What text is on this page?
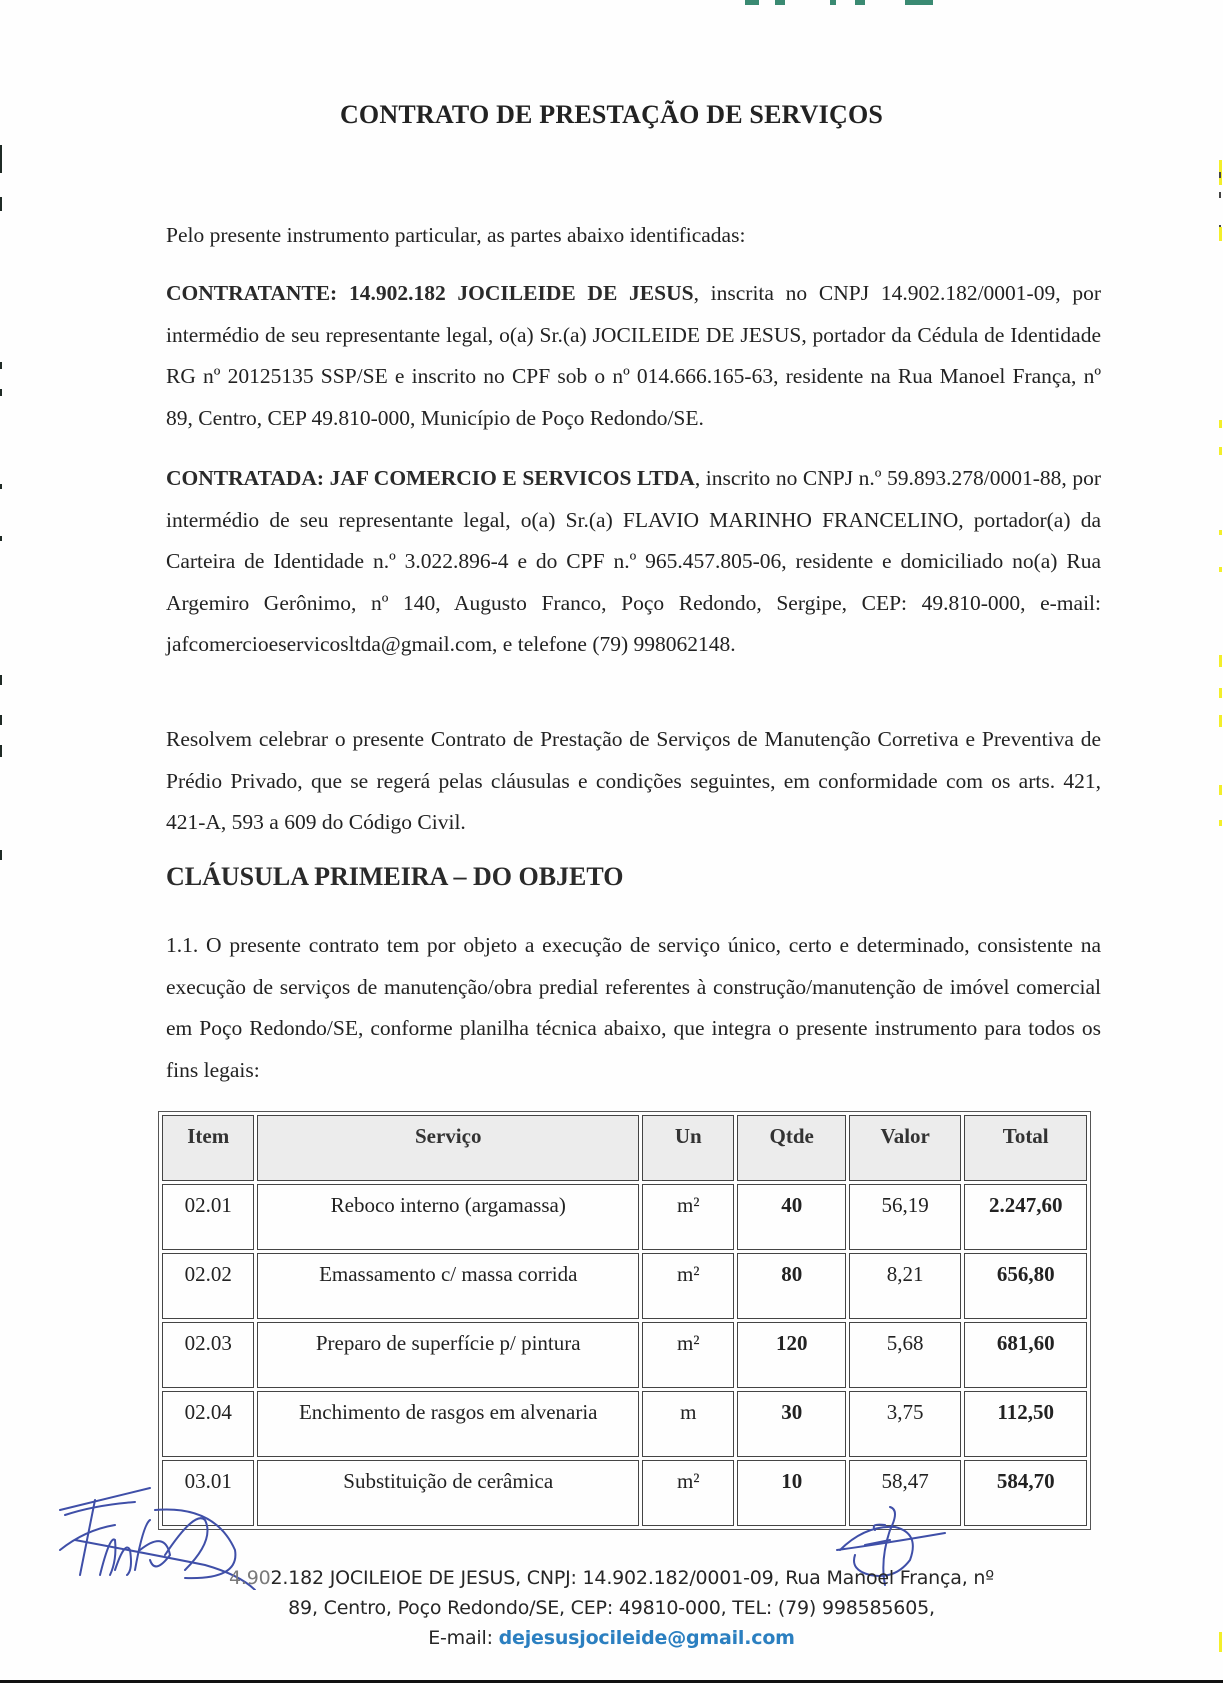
CONTRATO DE PRESTAÇÃO DE SERVIÇOS
Pelo presente instrumento particular, as partes abaixo identificadas:
CONTRATANTE: 14.902.182 JOCILEIDE DE JESUS, inscrita no CNPJ 14.902.182/0001-09, por intermédio de seu representante legal, o(a) Sr.(a) JOCILEIDE DE JESUS, portador da Cédula de Identidade RG nº 20125135 SSP/SE e inscrito no CPF sob o nº 014.666.165-63, residente na Rua Manoel França, nº 89, Centro, CEP 49.810-000, Município de Poço Redondo/SE.
CONTRATADA: JAF COMERCIO E SERVICOS LTDA, inscrito no CNPJ n.º 59.893.278/0001-88, por intermédio de seu representante legal, o(a) Sr.(a) FLAVIO MARINHO FRANCELINO, portador(a) da Carteira de Identidade n.º 3.022.896-4 e do CPF n.º 965.457.805-06, residente e domiciliado no(a) Rua Argemiro Gerônimo, nº 140, Augusto Franco, Poço Redondo, Sergipe, CEP: 49.810-000, e-mail: jafcomercioeservicosltda@gmail.com, e telefone (79) 998062148.
Resolvem celebrar o presente Contrato de Prestação de Serviços de Manutenção Corretiva e Preventiva de Prédio Privado, que se regerá pelas cláusulas e condições seguintes, em conformidade com os arts. 421, 421-A, 593 a 609 do Código Civil.
CLÁUSULA PRIMEIRA – DO OBJETO
1.1. O presente contrato tem por objeto a execução de serviço único, certo e determinado, consistente na execução de serviços de manutenção/obra predial referentes à construção/manutenção de imóvel comercial em Poço Redondo/SE, conforme planilha técnica abaixo, que integra o presente instrumento para todos os fins legais:
Item	Serviço	Un	Qtde	Valor	Total
02.01	Reboco interno (argamassa)	m²	40	56,19	2.247,60
02.02	Emassamento c/ massa corrida	m²	80	8,21	656,80
02.03	Preparo de superfície p/ pintura	m²	120	5,68	681,60
02.04	Enchimento de rasgos em alvenaria	m	30	3,75	112,50
03.01	Substituição de cerâmica	m²	10	58,47	584,70
4.902.182 JOCILEIOE DE JESUS, CNPJ: 14.902.182/0001-09, Rua Manoel França, nº
89, Centro, Poço Redondo/SE, CEP: 49810-000, TEL: (79) 998585605,
E-mail: dejesusjocileide@gmail.com
